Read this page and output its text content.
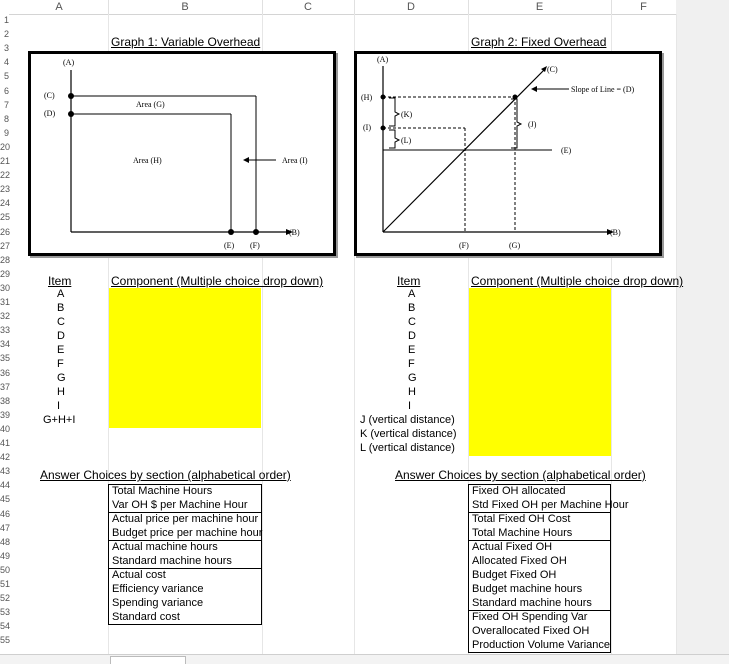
A	B	C	D	E	F
1
2
3
4
5
6
7
8
9
20
21
22
23
24
25
26
27
28
29
30
31
32
33
34
35
36
37
38
39
40
41
42
43
44
45
46
47
48
49
50
51
52
53
54
55
Graph 1: Variable Overhead	Graph 2: Fixed Overhead
(A)
(C)
(D)
Area (G)
Area (H)	Area (I)
(B)
(E) (F)
(A)
(C)
(H)
(K)
(I)
(L)
(J)
(E)
Slope of Line = (D)
(B)
(F)	(G)
Item	Component (Multiple choice drop down)	Item	Component (Multiple choice drop down)
A
B
C
D
E
F
G
H
I
G+H+I
A
B
C
D
E
F
G
H
I
J (vertical distance)
K (vertical distance)
L (vertical distance)
Answer Choices by section (alphabetical order)	Answer Choices by section (alphabetical order)
Total Machine Hours
Var OH $ per Machine Hour
Actual price per machine hour
Budget price per machine hour
Actual machine hours
Standard machine hours
Actual cost
Efficiency variance
Spending variance
Standard cost
Fixed OH allocated
Std Fixed OH per Machine Hour
Total Fixed OH Cost
Total Machine Hours
Actual Fixed OH
Allocated Fixed OH
Budget Fixed OH
Budget machine hours
Standard machine hours
Fixed OH Spending Var
Overallocated Fixed OH
Production Volume Variance
